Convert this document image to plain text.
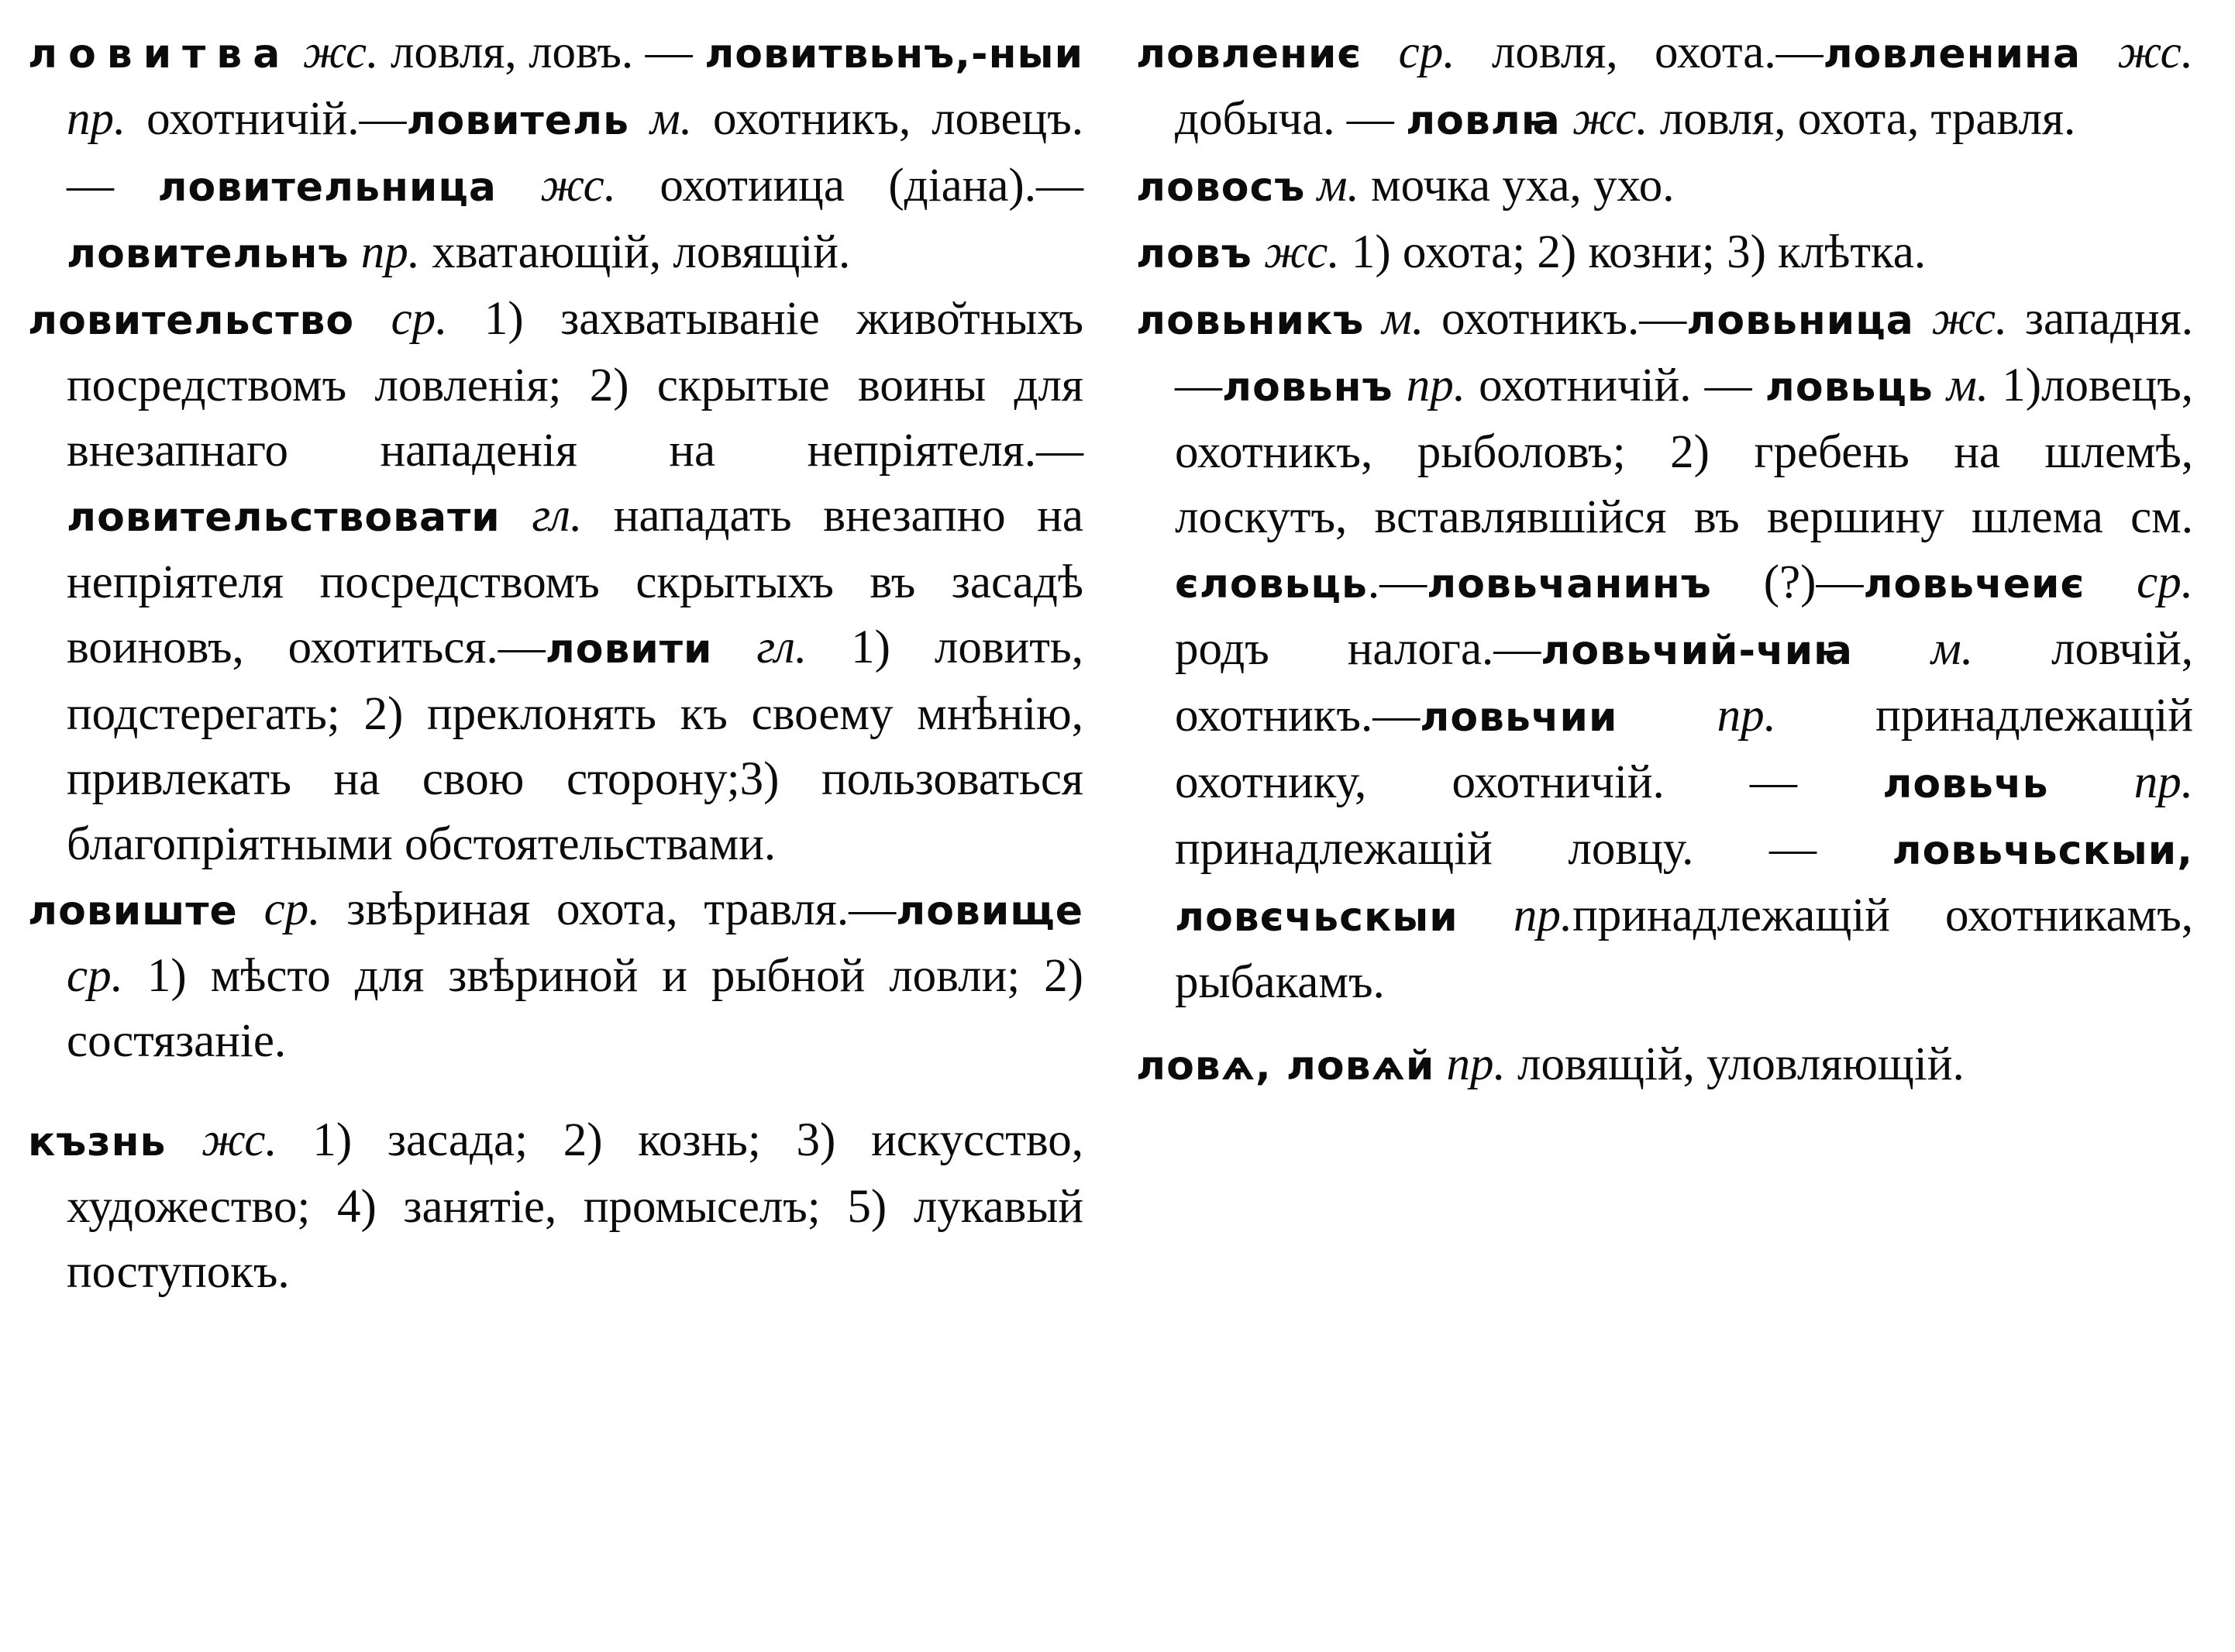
ловитва жс. ловля, ловъ. — ловитвьнъ,-ныи пр. охотничій.—ловитель м. охотникъ, ловецъ. — ловительница жс. охотиица (діана).— ловительнъ пр. хватающій, ловящій.

ловительство ср. 1) захватываніе живо̆тныхъ посредствомъ ловленія; 2) скрытые воины для внезапнаго нападенія на непріятеля.—ловительствовати гл. нападать внезапно на непріятеля посредствомъ скрытыхъ въ засадѣ воиновъ, охотиться.—ловити гл. 1) ловить, подстерегать; 2) преклонять къ своему мнѣнію, привлекать на свою сторону;3) пользоваться благопріятными обстоятельствами.

ловиште ср. звѣриная охота, травля.—ловище ср. 1) мѣсто для звѣриной и рыбной ловли; 2) состязаніе.

къзнь жс. 1) засада; 2) кознь; 3) искусство, художество; 4) занятіе, промыселъ; 5) лукавый поступокъ.

ловлениє ср. ловля, охота.—ловленина жс. добыча. — ловлꙗ жс. ловля, охота, травля.

ловосъ м. мочка уха, ухо.

ловъ жс. 1) охота; 2) козни; 3) клѣтка.

ловьникъ м. охотникъ.—ловьница жс. западня.—ловьнъ пр. охотничій. — ловьць м. 1)ловецъ, охотникъ, рыболовъ; 2) гребень на шлемѣ, лоскутъ, вставлявшійся въ вершину шлема см. єловьць.—ловьчанинъ (?)—ловьчеиє ср. родъ налога.—ловьчий-чиꙗ м. ловчій, охотникъ.—ловьчии пр. принадлежащій охотнику, охотничій. — ловьчь пр. принадлежащій ловцу. — ловьчьскыи, ловєчьскыи пр.принадлежащій охотникамъ, рыбакамъ.

ловѧ, ловѧй пр. ловящій, уловляющій.
